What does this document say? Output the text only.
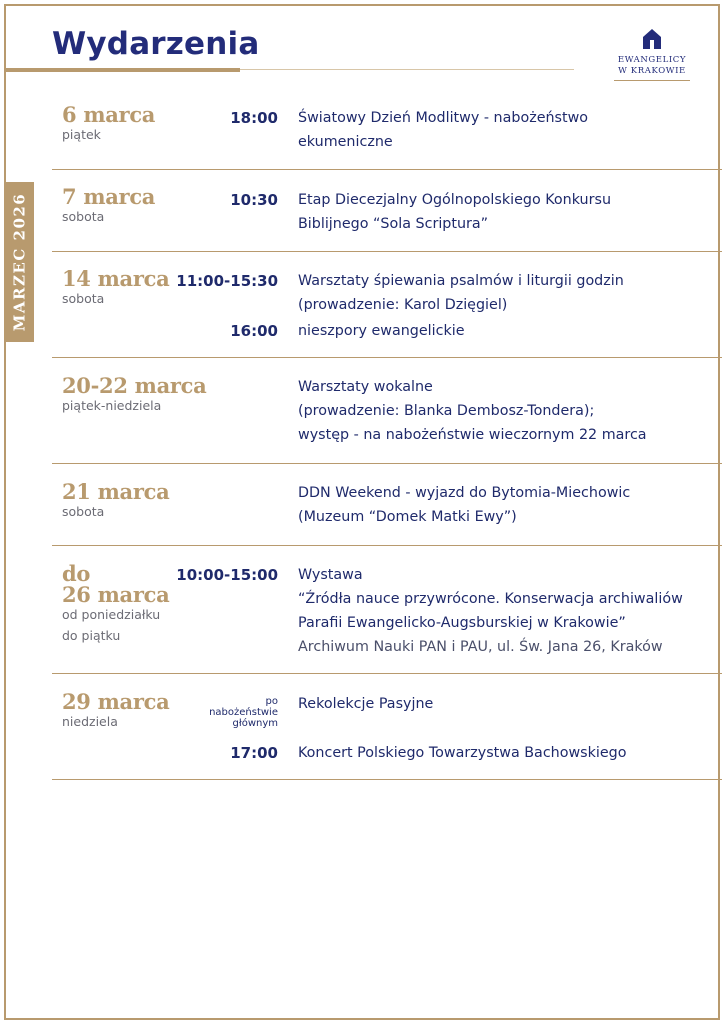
Wydarzenia	EWANGELICY
W KRAKOWIE
MARZEC 2026
6 marca
piątek
18:00 Światowy Dzień Modlitwy - nabożeństwo
ekumeniczne
7 marca
sobota
10:30 Etap Diecezjalny Ogólnopolskiego Konkursu
Biblijnego “Sola Scriptura”
14 marca
sobota
11:00-15:30 Warsztaty śpiewania psalmów i liturgii godzin
(prowadzenie: Karol Dzięgiel)
16:00 nieszpory ewangelickie
20-22 marca
piątek-niedziela
Warsztaty wokalne
(prowadzenie: Blanka Dembosz-Tondera);
występ - na nabożeństwie wieczornym 22 marca
21 marca
sobota
DDN Weekend - wyjazd do Bytomia-Miechowic
(Muzeum “Domek Matki Ewy”)
do
26 marca
od poniedziałku
do piątku
10:00-15:00 Wystawa
“Źródła nauce przywrócone. Konserwacja archiwaliów
Parafii Ewangelicko-Augsburskiej w Krakowie”
Archiwum Nauki PAN i PAU, ul. Św. Jana 26, Kraków
29 marca
niedziela
po
nabożeństwie
głównym
Rekolekcje Pasyjne
17:00 Koncert Polskiego Towarzystwa Bachowskiego
